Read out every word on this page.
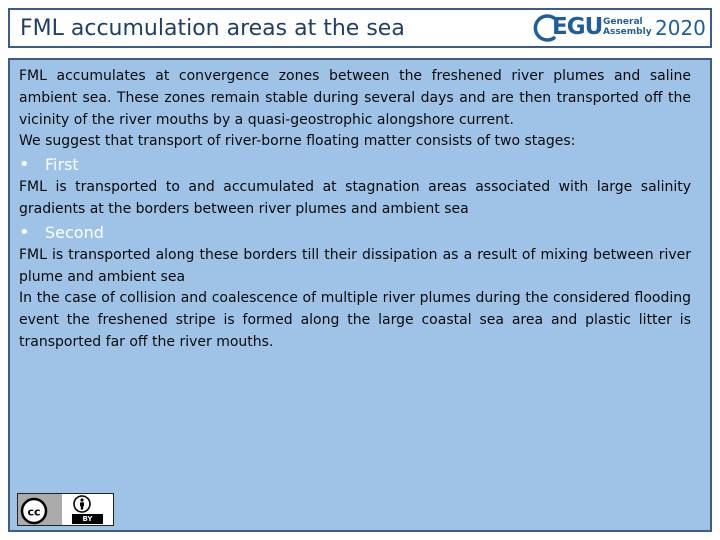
FML accumulation areas at the sea	EGU General
Assembly 2020

FML accumulates at convergence zones between the freshened river plumes and saline ambient sea. These zones remain stable during several days and are then transported off the vicinity of the river mouths by a quasi-geostrophic alongshore current.

We suggest that transport of river-borne floating matter consists of two stages:

• First

FML is transported to and accumulated at stagnation areas associated with large salinity gradients at the borders between river plumes and ambient sea

• Second

FML is transported along these borders till their dissipation as a result of mixing between river plume and ambient sea

In the case of collision and coalescence of multiple river plumes during the considered flooding event the freshened stripe is formed along the large coastal sea area and plastic litter is transported far off the river mouths.

cc
BY
